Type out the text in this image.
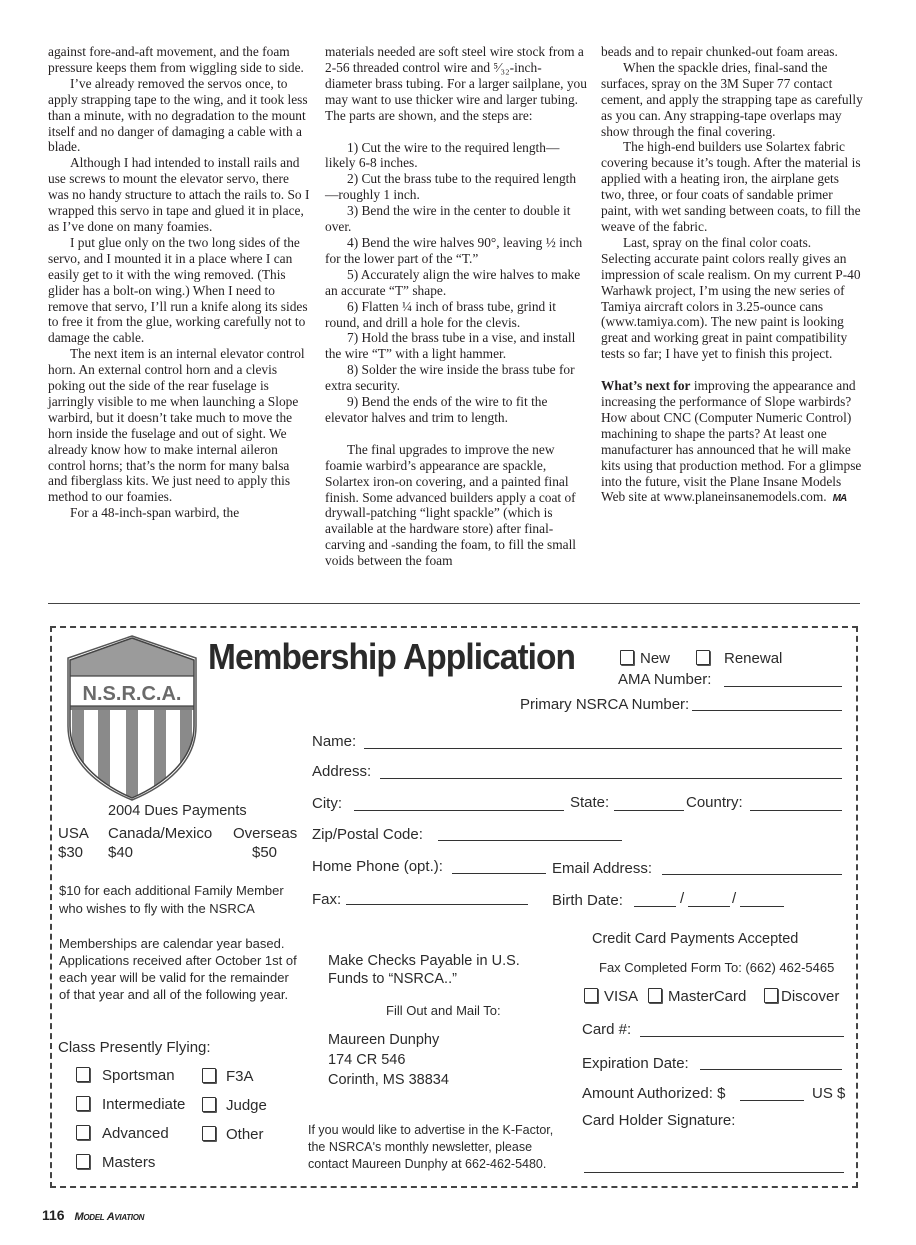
against fore-and-aft movement, and the foam pressure keeps them from wiggling side to side.

I’ve already removed the servos once, to apply strapping tape to the wing, and it took less than a minute, with no degradation to the mount itself and no danger of damaging a cable with a blade.

Although I had intended to install rails and use screws to mount the elevator servo, there was no handy structure to attach the rails to. So I wrapped this servo in tape and glued it in place, as I’ve done on many foamies.

I put glue only on the two long sides of the servo, and I mounted it in a place where I can easily get to it with the wing removed. (This glider has a bolt-on wing.) When I need to remove that servo, I’ll run a knife along its sides to free it from the glue, working carefully not to damage the cable.

The next item is an internal elevator control horn. An external control horn and a clevis poking out the side of the rear fuselage is jarringly visible to me when launching a Slope warbird, but it doesn’t take much to move the horn inside the fuselage and out of sight. We already know how to make internal aileron control horns; that’s the norm for many balsa and fiberglass kits. We just need to apply this method to our foamies.

For a 48-inch-span warbird, the

materials needed are soft steel wire stock from a 2-56 threaded control wire and ⁵⁄₃₂-inch-diameter brass tubing. For a larger sailplane, you may want to use thicker wire and larger tubing. The parts are shown, and the steps are:

1) Cut the wire to the required length—likely 6-8 inches.

2) Cut the brass tube to the required length—roughly 1 inch.

3) Bend the wire in the center to double it over.

4) Bend the wire halves 90°, leaving ½ inch for the lower part of the “T.”

5) Accurately align the wire halves to make an accurate “T” shape.

6) Flatten ¼ inch of brass tube, grind it round, and drill a hole for the clevis.

7) Hold the brass tube in a vise, and install the wire “T” with a light hammer.

8) Solder the wire inside the brass tube for extra security.

9) Bend the ends of the wire to fit the elevator halves and trim to length.

The final upgrades to improve the new foamie warbird’s appearance are spackle, Solartex iron-on covering, and a painted final finish. Some advanced builders apply a coat of drywall-patching “light spackle” (which is available at the hardware store) after final-carving and -sanding the foam, to fill the small voids between the foam

beads and to repair chunked-out foam areas.

When the spackle dries, final-sand the surfaces, spray on the 3M Super 77 contact cement, and apply the strapping tape as carefully as you can. Any strapping-tape overlaps may show through the final covering.

The high-end builders use Solartex fabric covering because it’s tough. After the material is applied with a heating iron, the airplane gets two, three, or four coats of sandable primer paint, with wet sanding between coats, to fill the weave of the fabric.

Last, spray on the final color coats. Selecting accurate paint colors really gives an impression of scale realism. On my current P-40 Warhawk project, I’m using the new series of Tamiya aircraft colors in 3.25-ounce cans (www.tamiya.com). The new paint is looking great and working great in paint compatibility tests so far; I have yet to finish this project.

What’s next for improving the appearance and increasing the performance of Slope warbirds? How about CNC (Computer Numeric Control) machining to shape the parts? At least one manufacturer has announced that he will make kits using that production method. For a glimpse into the future, visit the Plane Insane Models Web site at www.planeinsanemodels.com. MA

N.S.R.C.A.
Membership Application	New	Renewal
AMA Number:
Primary NSRCA Number:
Name:
Address:
City:	State:	Country:
Zip/Postal Code:
Home Phone (opt.):	Email Address:
Fax:	Birth Date:	/	/
2004 Dues Payments
USA Canada/Mexico Overseas
$30 $40	$50
$10 for each additional Family Member
who wishes to fly with the NSRCA
Memberships are calendar year based.
Applications received after October 1st of
each year will be valid for the remainder
of that year and all of the following year.
Make Checks Payable in U.S.
Funds to “NSRCA..”
Fill Out and Mail To:
Maureen Dunphy
174 CR 546
Corinth, MS 38834
If you would like to advertise in the K-Factor,
the NSRCA's monthly newsletter, please
contact Maureen Dunphy at 662-462-5480.
Credit Card Payments Accepted
Fax Completed Form To: (662) 462-5465
VISA	MasterCard	Discover
Card #:
Expiration Date:
Amount Authorized: $	US $
Card Holder Signature:
Class Presently Flying:
Sportsman
Intermediate
Advanced
Masters
F3A
Judge
Other
116 Model Aviation
